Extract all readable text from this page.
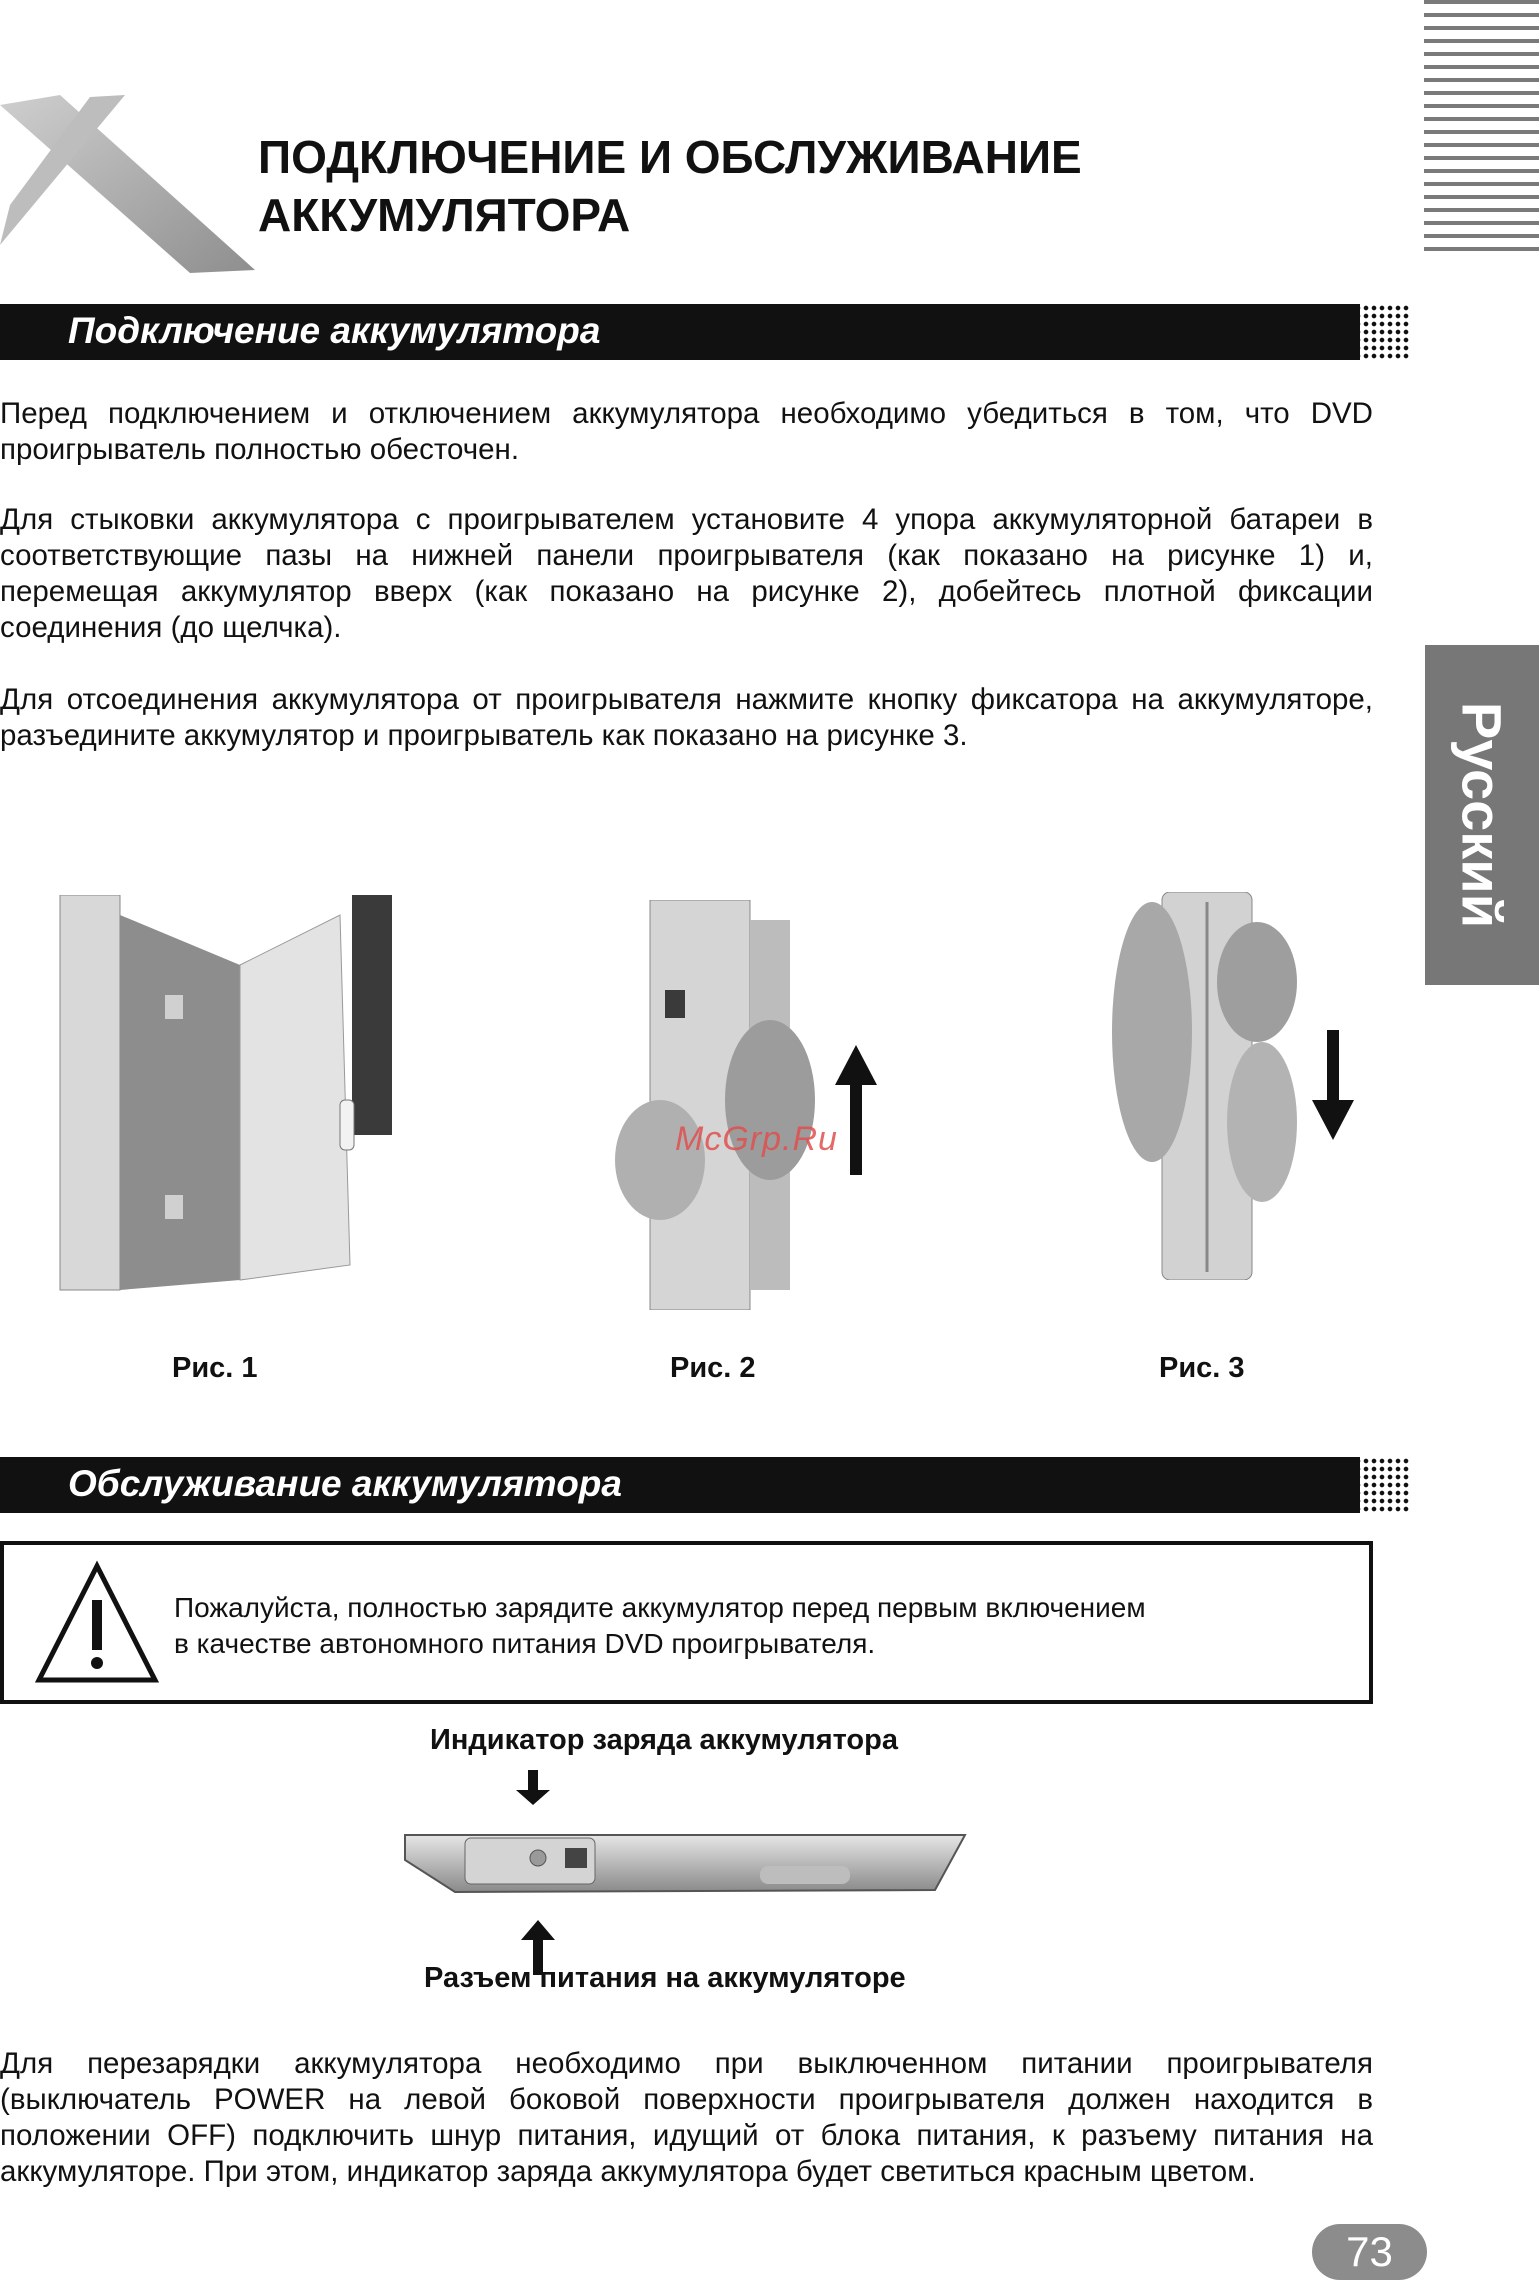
ПОДКЛЮЧЕНИЕ И ОБСЛУЖИВАНИЕ
АККУМУЛЯТОРА
Русский
Подключение аккумулятора
Перед подключением и отключением аккумулятора необходимо убедиться в том, что DVD проигрыватель полностью обесточен.
Для стыковки аккумулятора с проигрывателем установите 4 упора аккумуляторной батареи в соответствующие пазы на нижней панели проигрывателя (как показано на рисунке 1) и, перемещая аккумулятор вверх (как показано на рисунке 2), добейтесь плотной фиксации соединения (до щелчка).
Для отсоединения аккумулятора от проигрывателя нажмите кнопку фиксатора на аккумуляторе, разъедините аккумулятор и проигрыватель как показано на рисунке 3.
McGrp.Ru
Рис. 1	Рис. 2	Рис. 3
Обслуживание аккумулятора
Пожалуйста, полностью зарядите аккумулятор перед первым включением
в качестве автономного питания DVD проигрывателя.
Индикатор заряда аккумулятора
Разъем питания на аккумуляторе
Для перезарядки аккумулятора необходимо при выключенном питании проигрывателя (выключатель POWER на левой боковой поверхности проигрывателя должен находится в положении OFF) подключить шнур питания, идущий от блока питания, к разъему питания на аккумуляторе. При этом, индикатор заряда аккумулятора будет светиться красным цветом.
73
